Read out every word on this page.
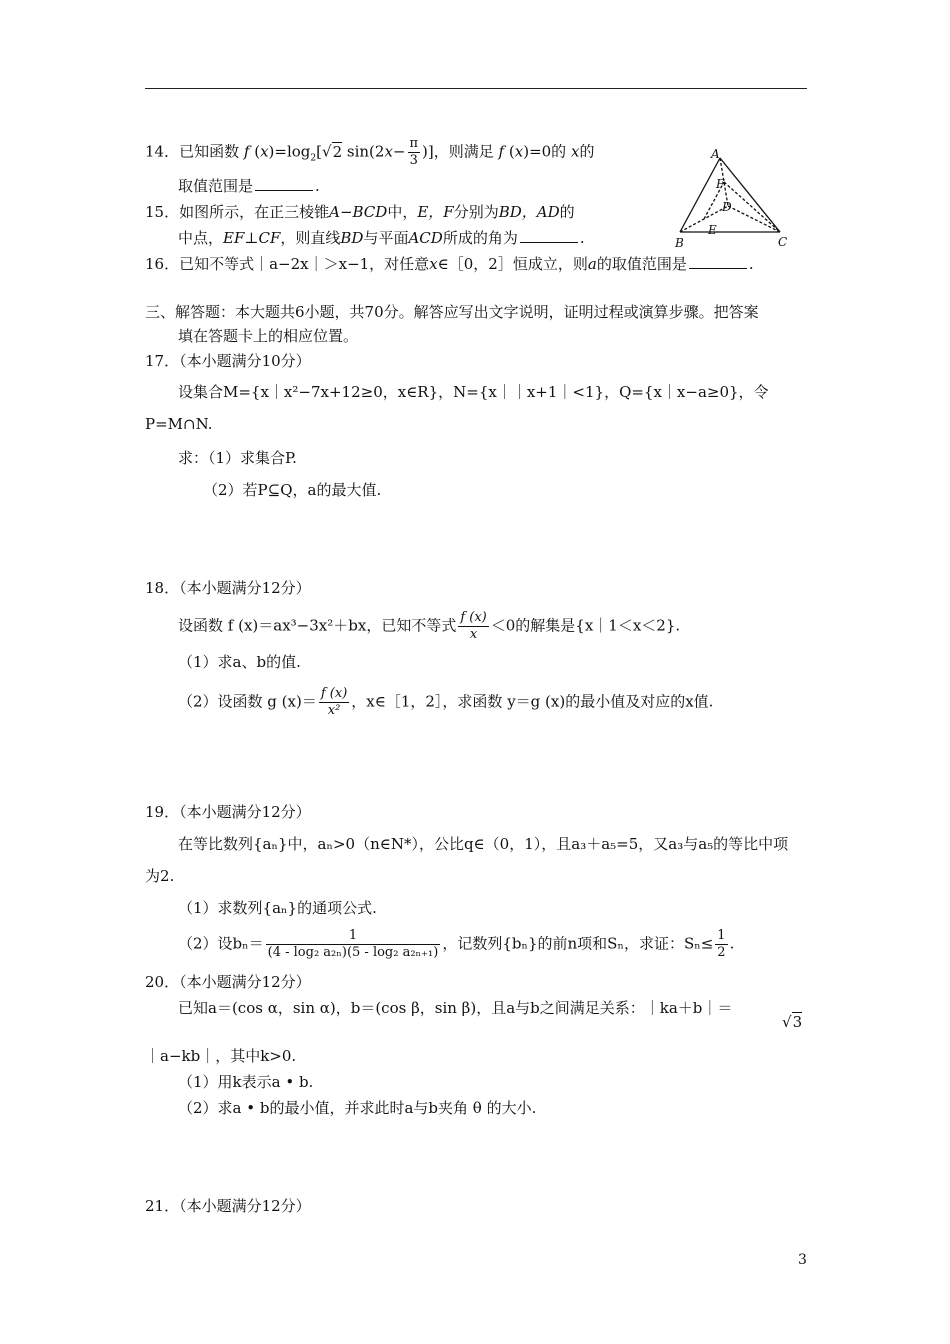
14．已知函数 f $(x)=\log_2[√2$ $\sin(2x- \frac{\pi}{3}$ )]，则满足 f (x)=0的 x的
取值范围是	.
15．如图所示，在正三棱锥A−BCD中，E，F分别为BD，AD的
中点，EF⊥CF，则直线BD与平面ACD所成的角为	.
A
B	C
D
E
F
16．已知不等式｜a−2x｜＞x−1，对任意x∈［0，2］恒成立，则a的取值范围是	.
三、解答题：本大题共6小题，共70分。解答应写出文字说明，证明过程或演算步骤。把答案
填在答题卡上的相应位置。
17．（本小题满分10分）
设集合M={x｜x²−7x+12≥0，x∈R}，N={x｜｜x+1｜<1}，Q={x｜x−a≥0}，令
P=M∩N.
求：（1）求集合P.
（2）若P⊆Q，a的最大值.
18．（本小题满分12分）
设函数 f (x)＝ax³−3x²＋bx，已知不等式 $\frac{f (x)}{x} <0$的解集是{x｜1＜x＜2}.
（1）求a、b的值.
（2）设函数 g $(x)= \frac{f (x)}{\text{x²}}$ ，x∈［1，2］，求函数 y＝g (x)的最小值及对应的x值.
19．（本小题满分12分）
在等比数列{aₙ}中，aₙ>0（n∈N*），公比q∈（0，1），且a₃＋a₅=5，又a₃与a₅的等比中项
为2.
（1）求数列{aₙ}的通项公式.
（2）设$b_n= \frac{1}{\text{(4 - log₂ a₂ₙ)(5 - log₂ a₂ₙ₊₁)}}$ ，记数列{bₙ}的前n项和Sₙ，求证：$S_n\le \frac{1}{2}$ .
20．（本小题满分12分）
已知a＝(cos α，sin α)，b＝(cos β，sin β)，且a与b之间满足关系：｜ka＋b｜＝
√3
｜a−kb｜，其中k>0.
（1）用k表示a • b.
（2）求a • b的最小值，并求此时a与b夹角 θ 的大小.
21．（本小题满分12分）
3
